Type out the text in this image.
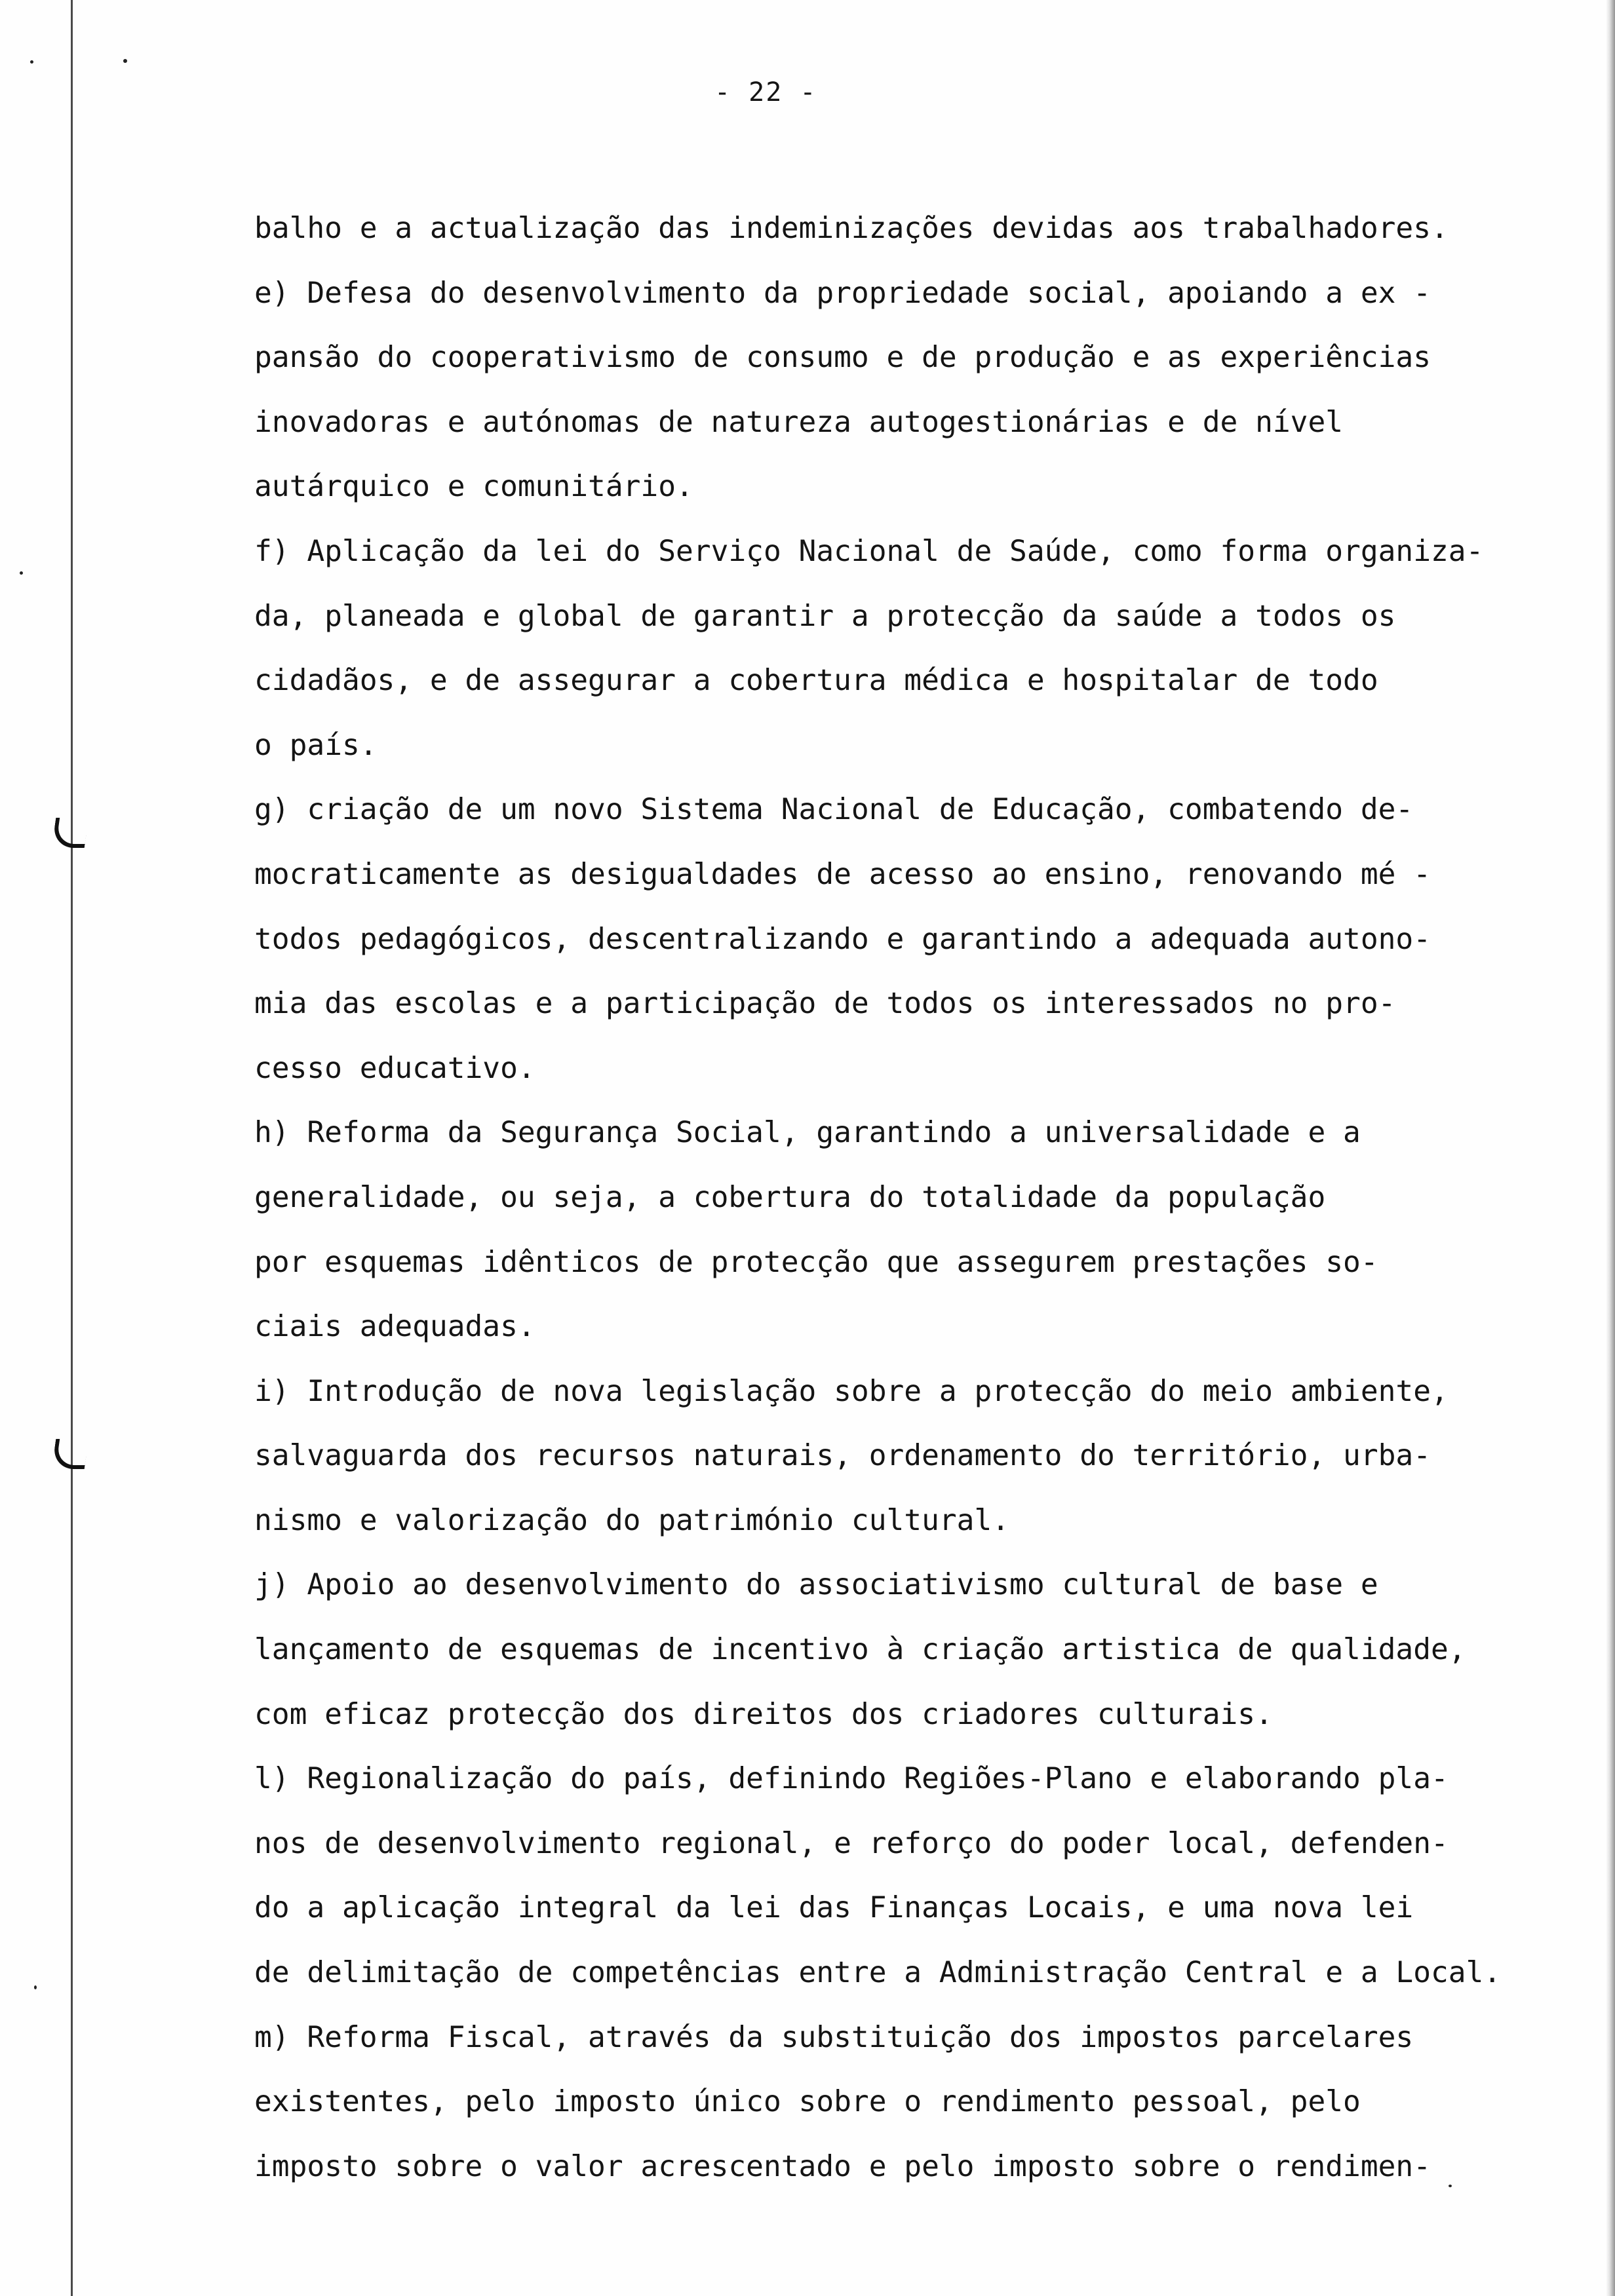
- 22 -
balho e a actualização das indeminizações devidas aos trabalhadores.
e) Defesa do desenvolvimento da propriedade social, apoiando a ex -
pansão do cooperativismo de consumo e de produção e as experiências
inovadoras e autónomas de natureza autogestionárias e de nível
autárquico e comunitário.
f) Aplicação da lei do Serviço Nacional de Saúde, como forma organiza-
da, planeada e global de garantir a protecção da saúde a todos os
cidadãos, e de assegurar a cobertura médica e hospitalar de todo
o país.
g) criação de um novo Sistema Nacional de Educação, combatendo de-
mocraticamente as desigualdades de acesso ao ensino, renovando mé -
todos pedagógicos, descentralizando e garantindo a adequada autono-
mia das escolas e a participação de todos os interessados no pro-
cesso educativo.
h) Reforma da Segurança Social, garantindo a universalidade e a
generalidade, ou seja, a cobertura do totalidade da população
por esquemas idênticos de protecção que assegurem prestações so-
ciais adequadas.
i) Introdução de nova legislação sobre a protecção do meio ambiente,
salvaguarda dos recursos naturais, ordenamento do território, urba-
nismo e valorização do património cultural.
j) Apoio ao desenvolvimento do associativismo cultural de base e
lançamento de esquemas de incentivo à criação artistica de qualidade,
com eficaz protecção dos direitos dos criadores culturais.
l) Regionalização do país, definindo Regiões-Plano e elaborando pla-
nos de desenvolvimento regional, e reforço do poder local, defenden-
do a aplicação integral da lei das Finanças Locais, e uma nova lei
de delimitação de competências entre a Administração Central e a Local.
m) Reforma Fiscal, através da substituição dos impostos parcelares
existentes, pelo imposto único sobre o rendimento pessoal, pelo
imposto sobre o valor acrescentado e pelo imposto sobre o rendimen-
